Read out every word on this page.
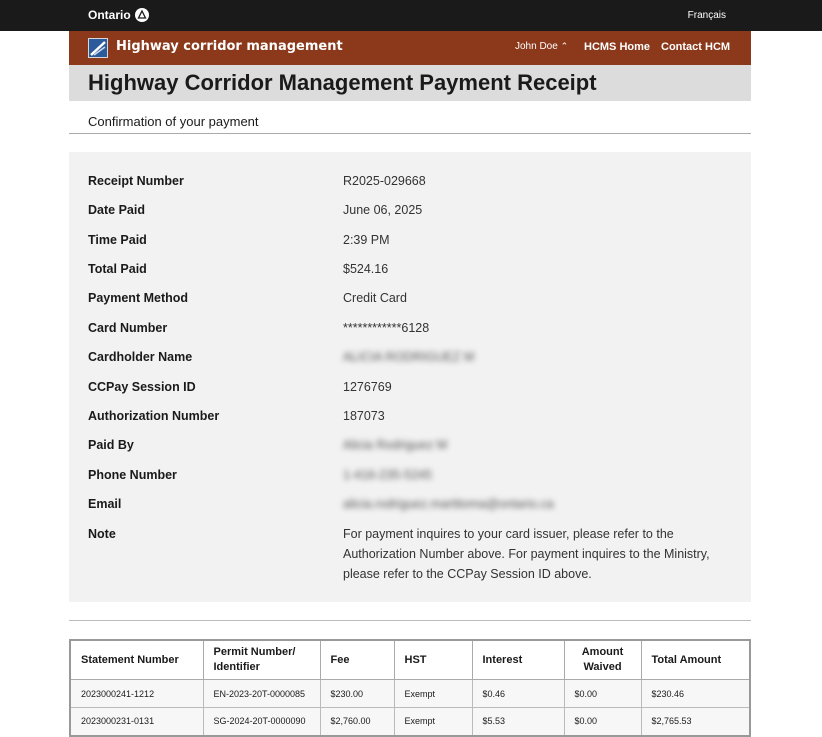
Ontario	Français
Highway corridor management	John Doe ⌃ HCMS Home Contact HCM
Highway Corridor Management Payment Receipt
Confirmation of your payment
Receipt Number	R2025-029668
Date Paid	June 06, 2025
Time Paid	2:39 PM
Total Paid	$524.16
Payment Method	Credit Card
Card Number	************6128
Cardholder Name	ALICIA RODRIGUEZ M
CCPay Session ID	1276769
Authorization Number	187073
Paid By	Alicia Rodriguez M
Phone Number	1-416-235-5245
Email	alicia.rodriguez.martitoma@ontario.ca
Note	For payment inquires to your card issuer, please refer to the Authorization Number above. For payment inquires to the Ministry, please refer to the CCPay Session ID above.
Statement Number	Permit Number/ Identifier	Fee	HST	Interest	Amount Waived	Total Amount
2023000241-1212	EN-2023-20T-0000085	$230.00	Exempt	$0.46	$0.00	$230.46
2023000231-0131	SG-2024-20T-0000090	$2,760.00	Exempt	$5.53	$0.00	$2,765.53
